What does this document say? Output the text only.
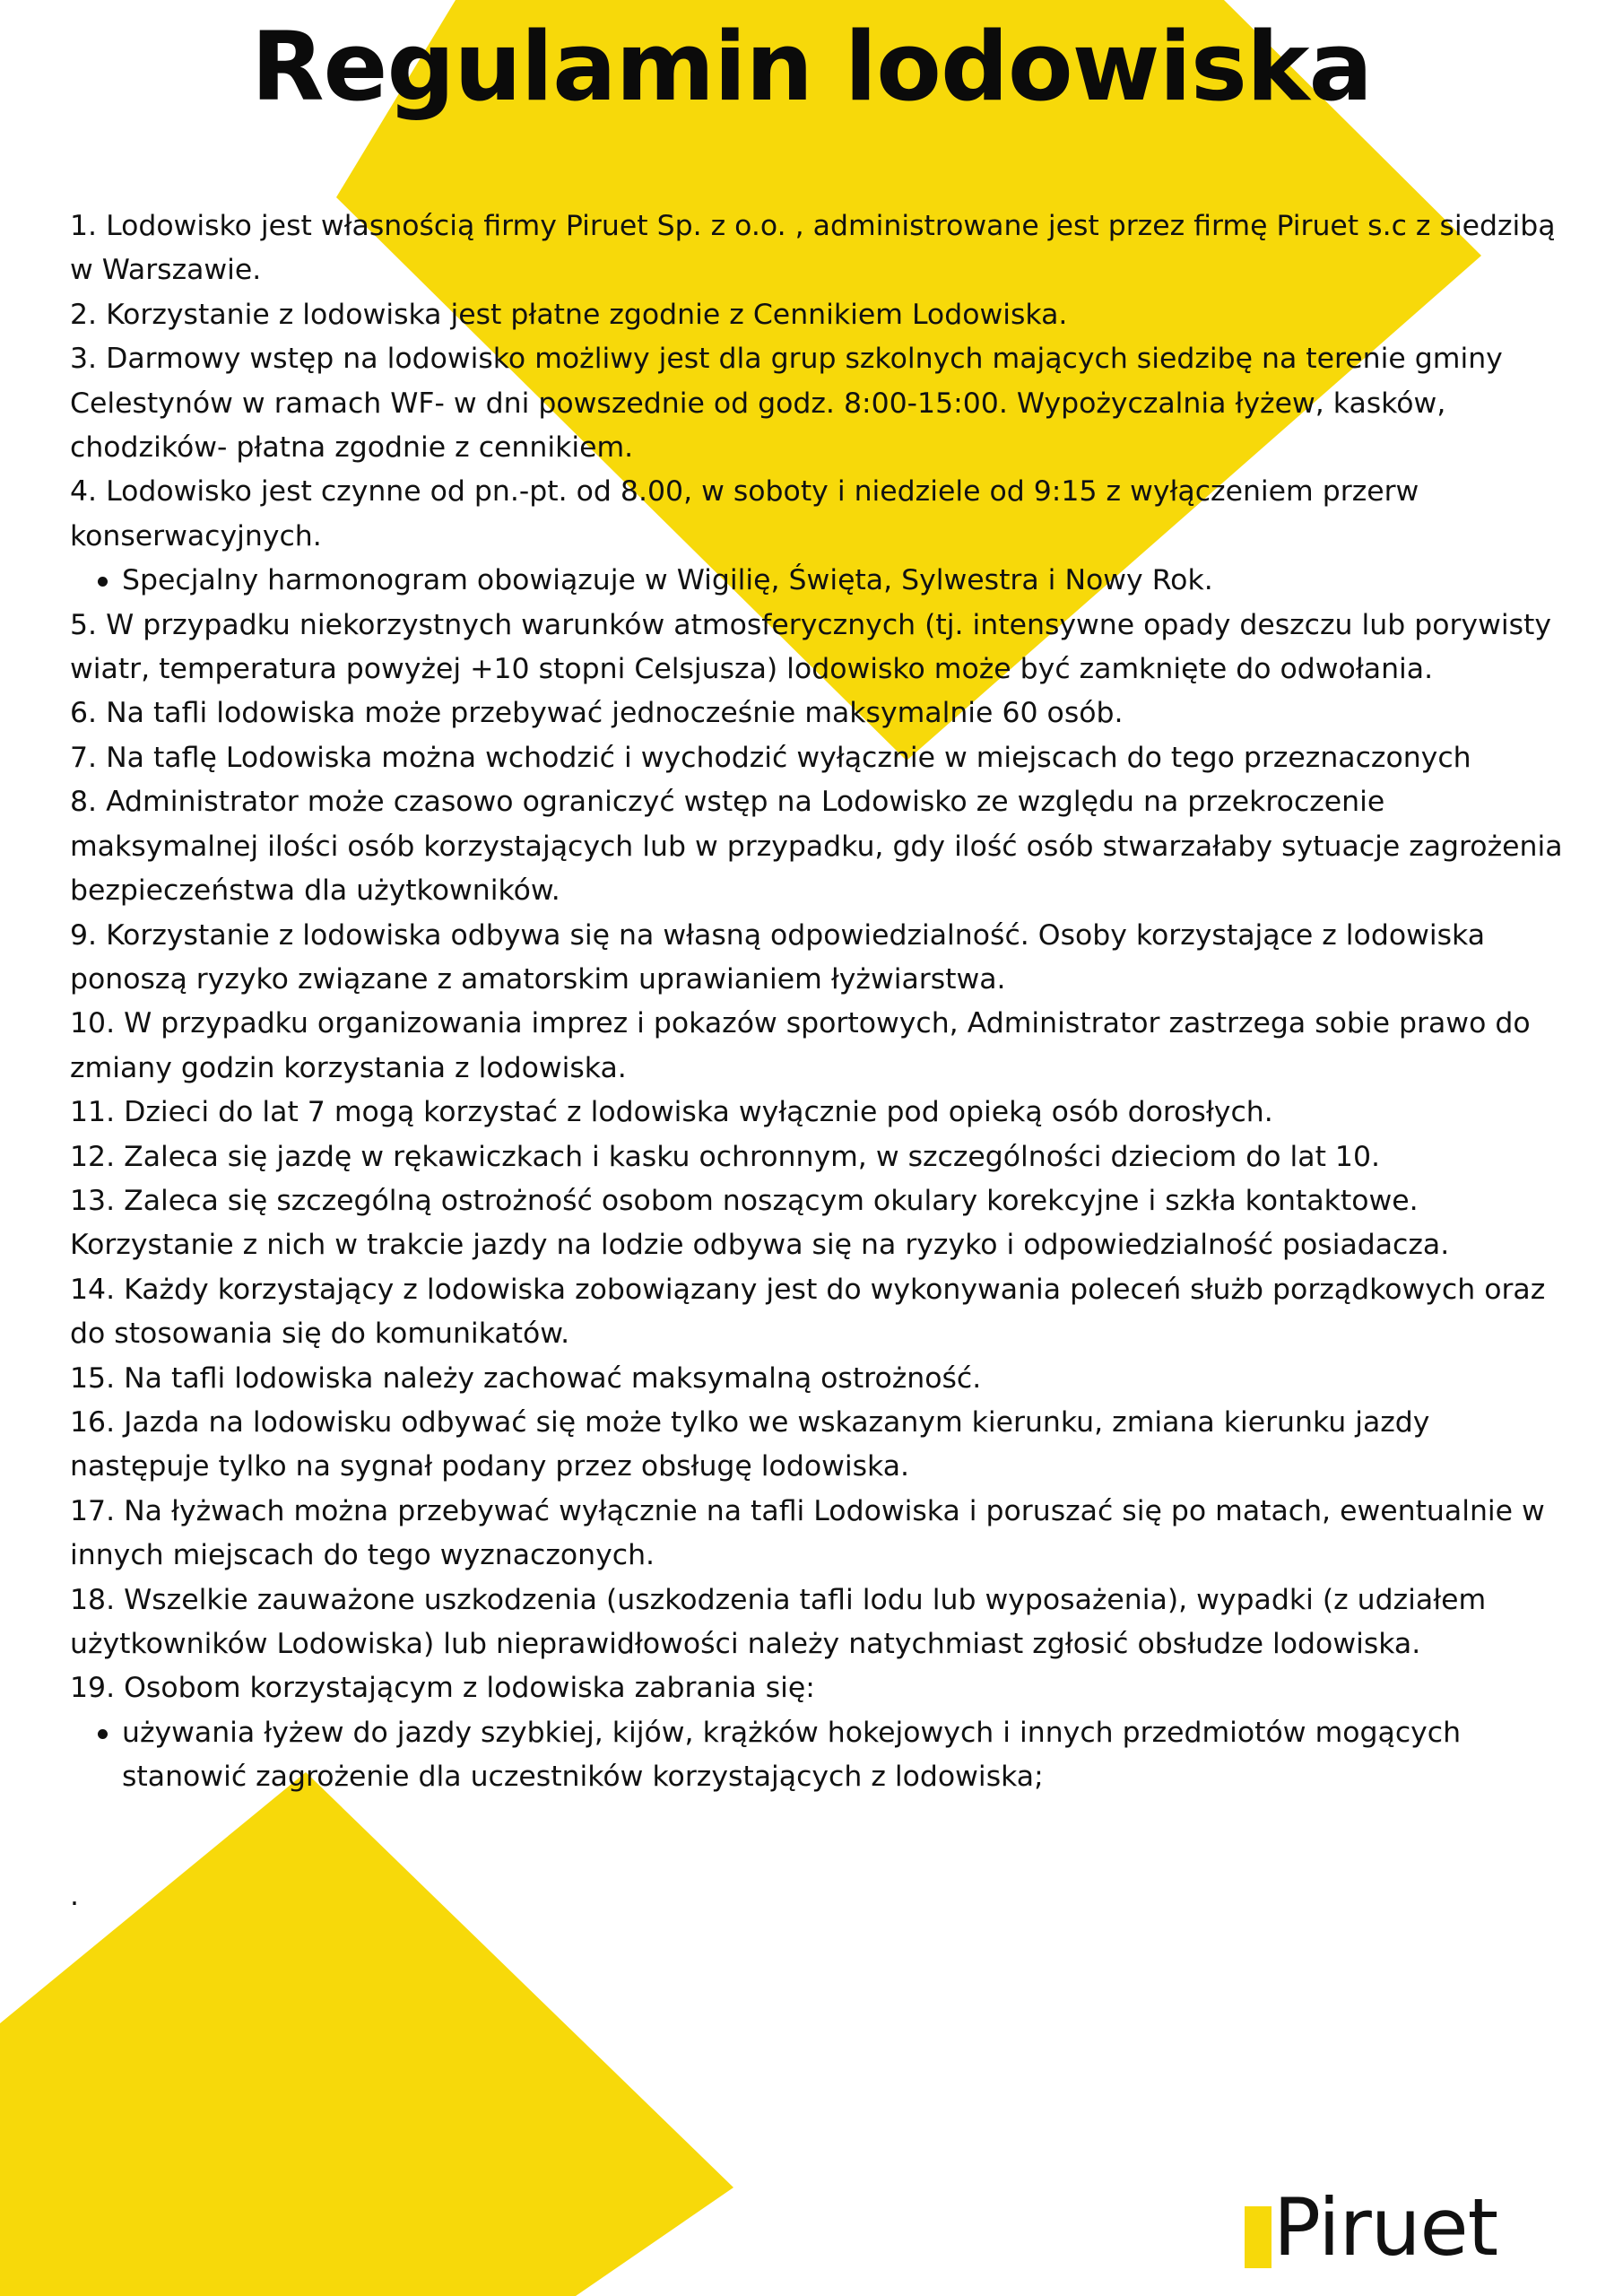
Regulamin lodowiska

1. Lodowisko jest własnością firmy Piruet Sp. z o.o. , administrowane jest przez firmę Piruet s.c z siedzibą w Warszawie.

2. Korzystanie z lodowiska jest płatne zgodnie z Cennikiem Lodowiska.

3. Darmowy wstęp na lodowisko możliwy jest dla grup szkolnych mających siedzibę na terenie gminy Celestynów w ramach WF- w dni powszednie od godz. 8:00-15:00. Wypożyczalnia łyżew, kasków, chodzików- płatna zgodnie z cennikiem.

4. Lodowisko jest czynne od pn.-pt. od 8.00, w soboty i niedziele od 9:15 z wyłączeniem przerw konserwacyjnych.

Specjalny harmonogram obowiązuje w Wigilię, Święta, Sylwestra i Nowy Rok.

5. W przypadku niekorzystnych warunków atmosferycznych (tj. intensywne opady deszczu lub porywisty wiatr, temperatura powyżej +10 stopni Celsjusza) lodowisko może być zamknięte do odwołania.

6. Na tafli lodowiska może przebywać jednocześnie maksymalnie 60 osób.

7. Na taflę Lodowiska można wchodzić i wychodzić wyłącznie w miejscach do tego przeznaczonych

8. Administrator może czasowo ograniczyć wstęp na Lodowisko ze względu na przekroczenie maksymalnej ilości osób korzystających lub w przypadku, gdy ilość osób stwarzałaby sytuacje zagrożenia bezpieczeństwa dla użytkowników.

9. Korzystanie z lodowiska odbywa się na własną odpowiedzialność. Osoby korzystające z lodowiska ponoszą ryzyko związane z amatorskim uprawianiem łyżwiarstwa.

10. W przypadku organizowania imprez i pokazów sportowych, Administrator zastrzega sobie prawo do zmiany godzin korzystania z lodowiska.

11. Dzieci do lat 7 mogą korzystać z lodowiska wyłącznie pod opieką osób dorosłych.

12. Zaleca się jazdę w rękawiczkach i kasku ochronnym, w szczególności dzieciom do lat 10.

13. Zaleca się szczególną ostrożność osobom noszącym okulary korekcyjne i szkła kontaktowe. Korzystanie z nich w trakcie jazdy na lodzie odbywa się na ryzyko i odpowiedzialność posiadacza.

14. Każdy korzystający z lodowiska zobowiązany jest do wykonywania poleceń służb porządkowych oraz do stosowania się do komunikatów.

15. Na tafli lodowiska należy zachować maksymalną ostrożność.

16. Jazda na lodowisku odbywać się może tylko we wskazanym kierunku, zmiana kierunku jazdy następuje tylko na sygnał podany przez obsługę lodowiska.

17. Na łyżwach można przebywać wyłącznie na tafli Lodowiska i poruszać się po matach, ewentualnie w innych miejscach do tego wyznaczonych.

18. Wszelkie zauważone uszkodzenia (uszkodzenia tafli lodu lub wyposażenia), wypadki (z udziałem użytkowników Lodowiska) lub nieprawidłowości należy natychmiast zgłosić obsłudze lodowiska.

19. Osobom korzystającym z lodowiska zabrania się:

używania łyżew do jazdy szybkiej, kijów, krążków hokejowych i innych przedmiotów mogących stanowić zagrożenie dla uczestników korzystających z lodowiska;
.
Piruet
